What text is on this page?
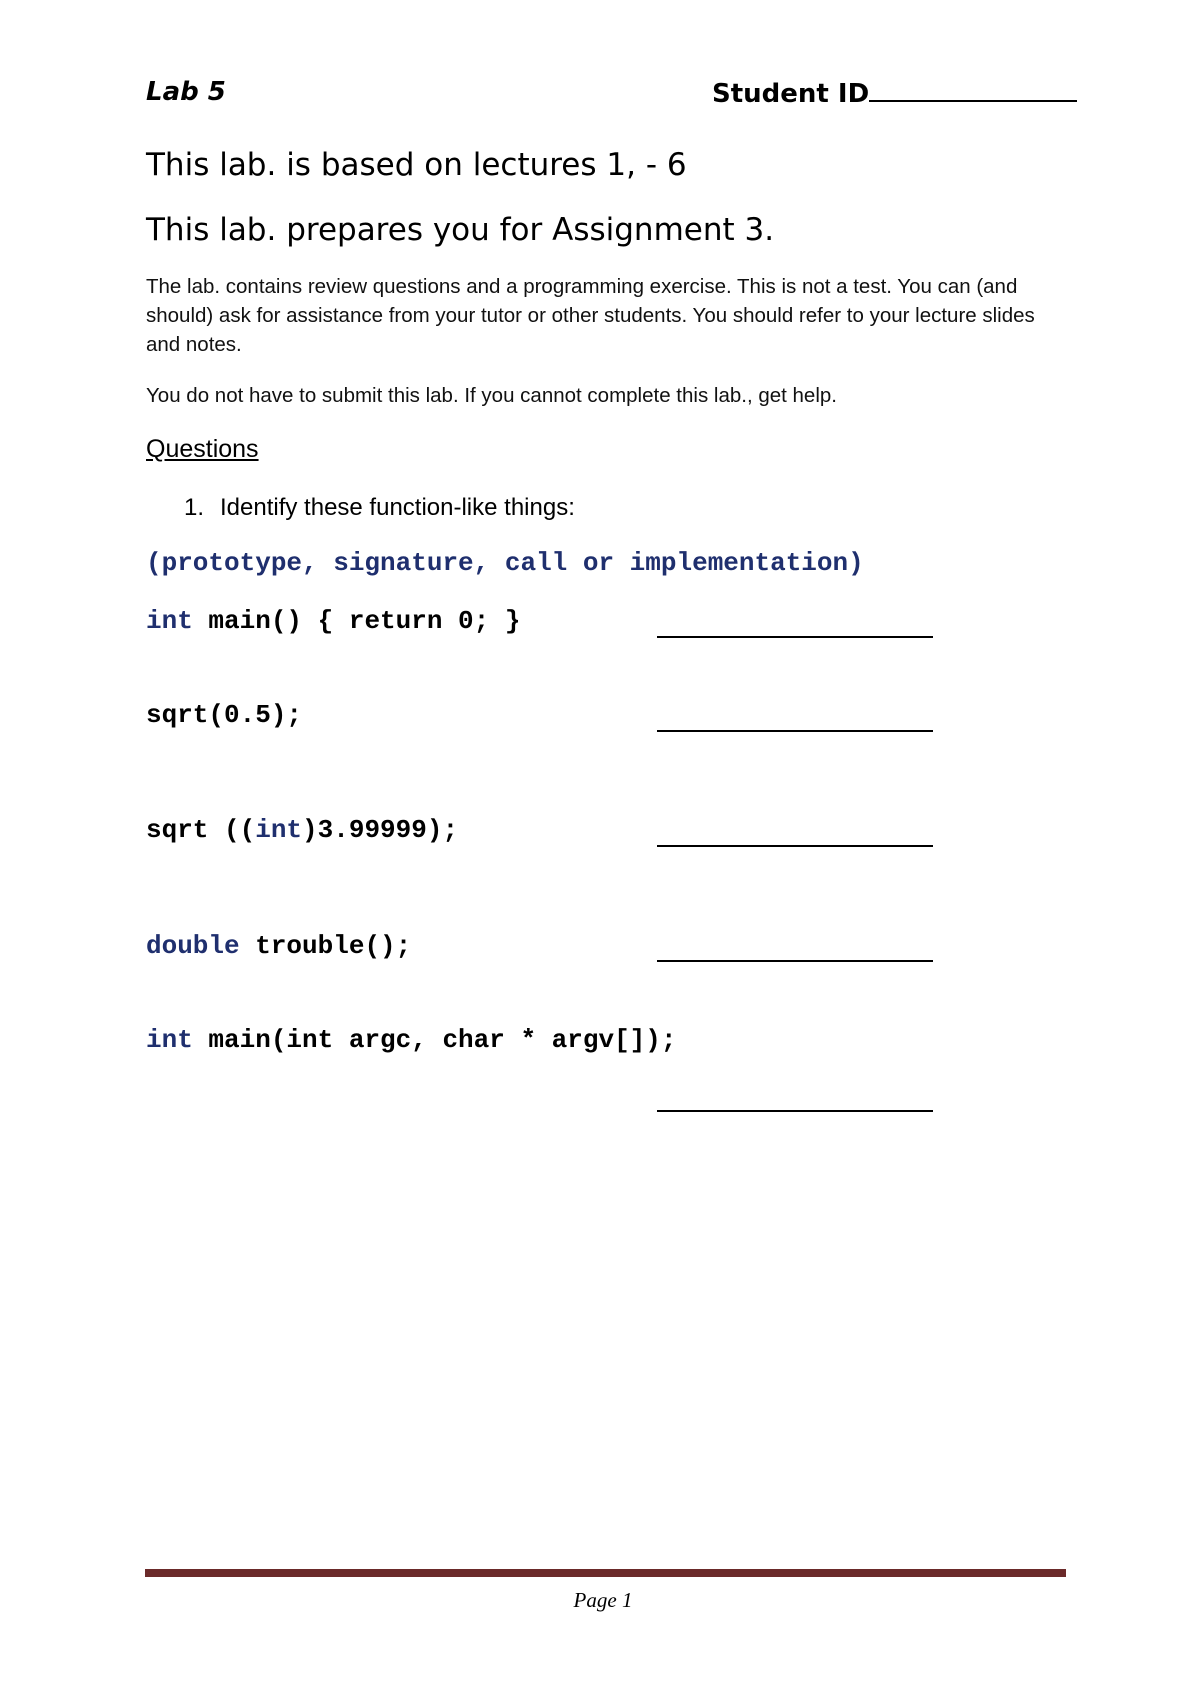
Lab 5	Student ID
This lab. is based on lectures 1, - 6
This lab. prepares you for Assignment 3.
The lab. contains review questions and a programming exercise. This is not a test. You can (and should) ask for assistance from your tutor or other students. You should refer to your lecture slides and notes.
You do not have to submit this lab. If you cannot complete this lab., get help.
Questions
1. Identify these function-like things:
(prototype, signature, call or implementation)
int main() { return 0; }
sqrt(0.5);
sqrt ((int)3.99999);
double trouble();
int main(int argc, char * argv[]);
Page 1
